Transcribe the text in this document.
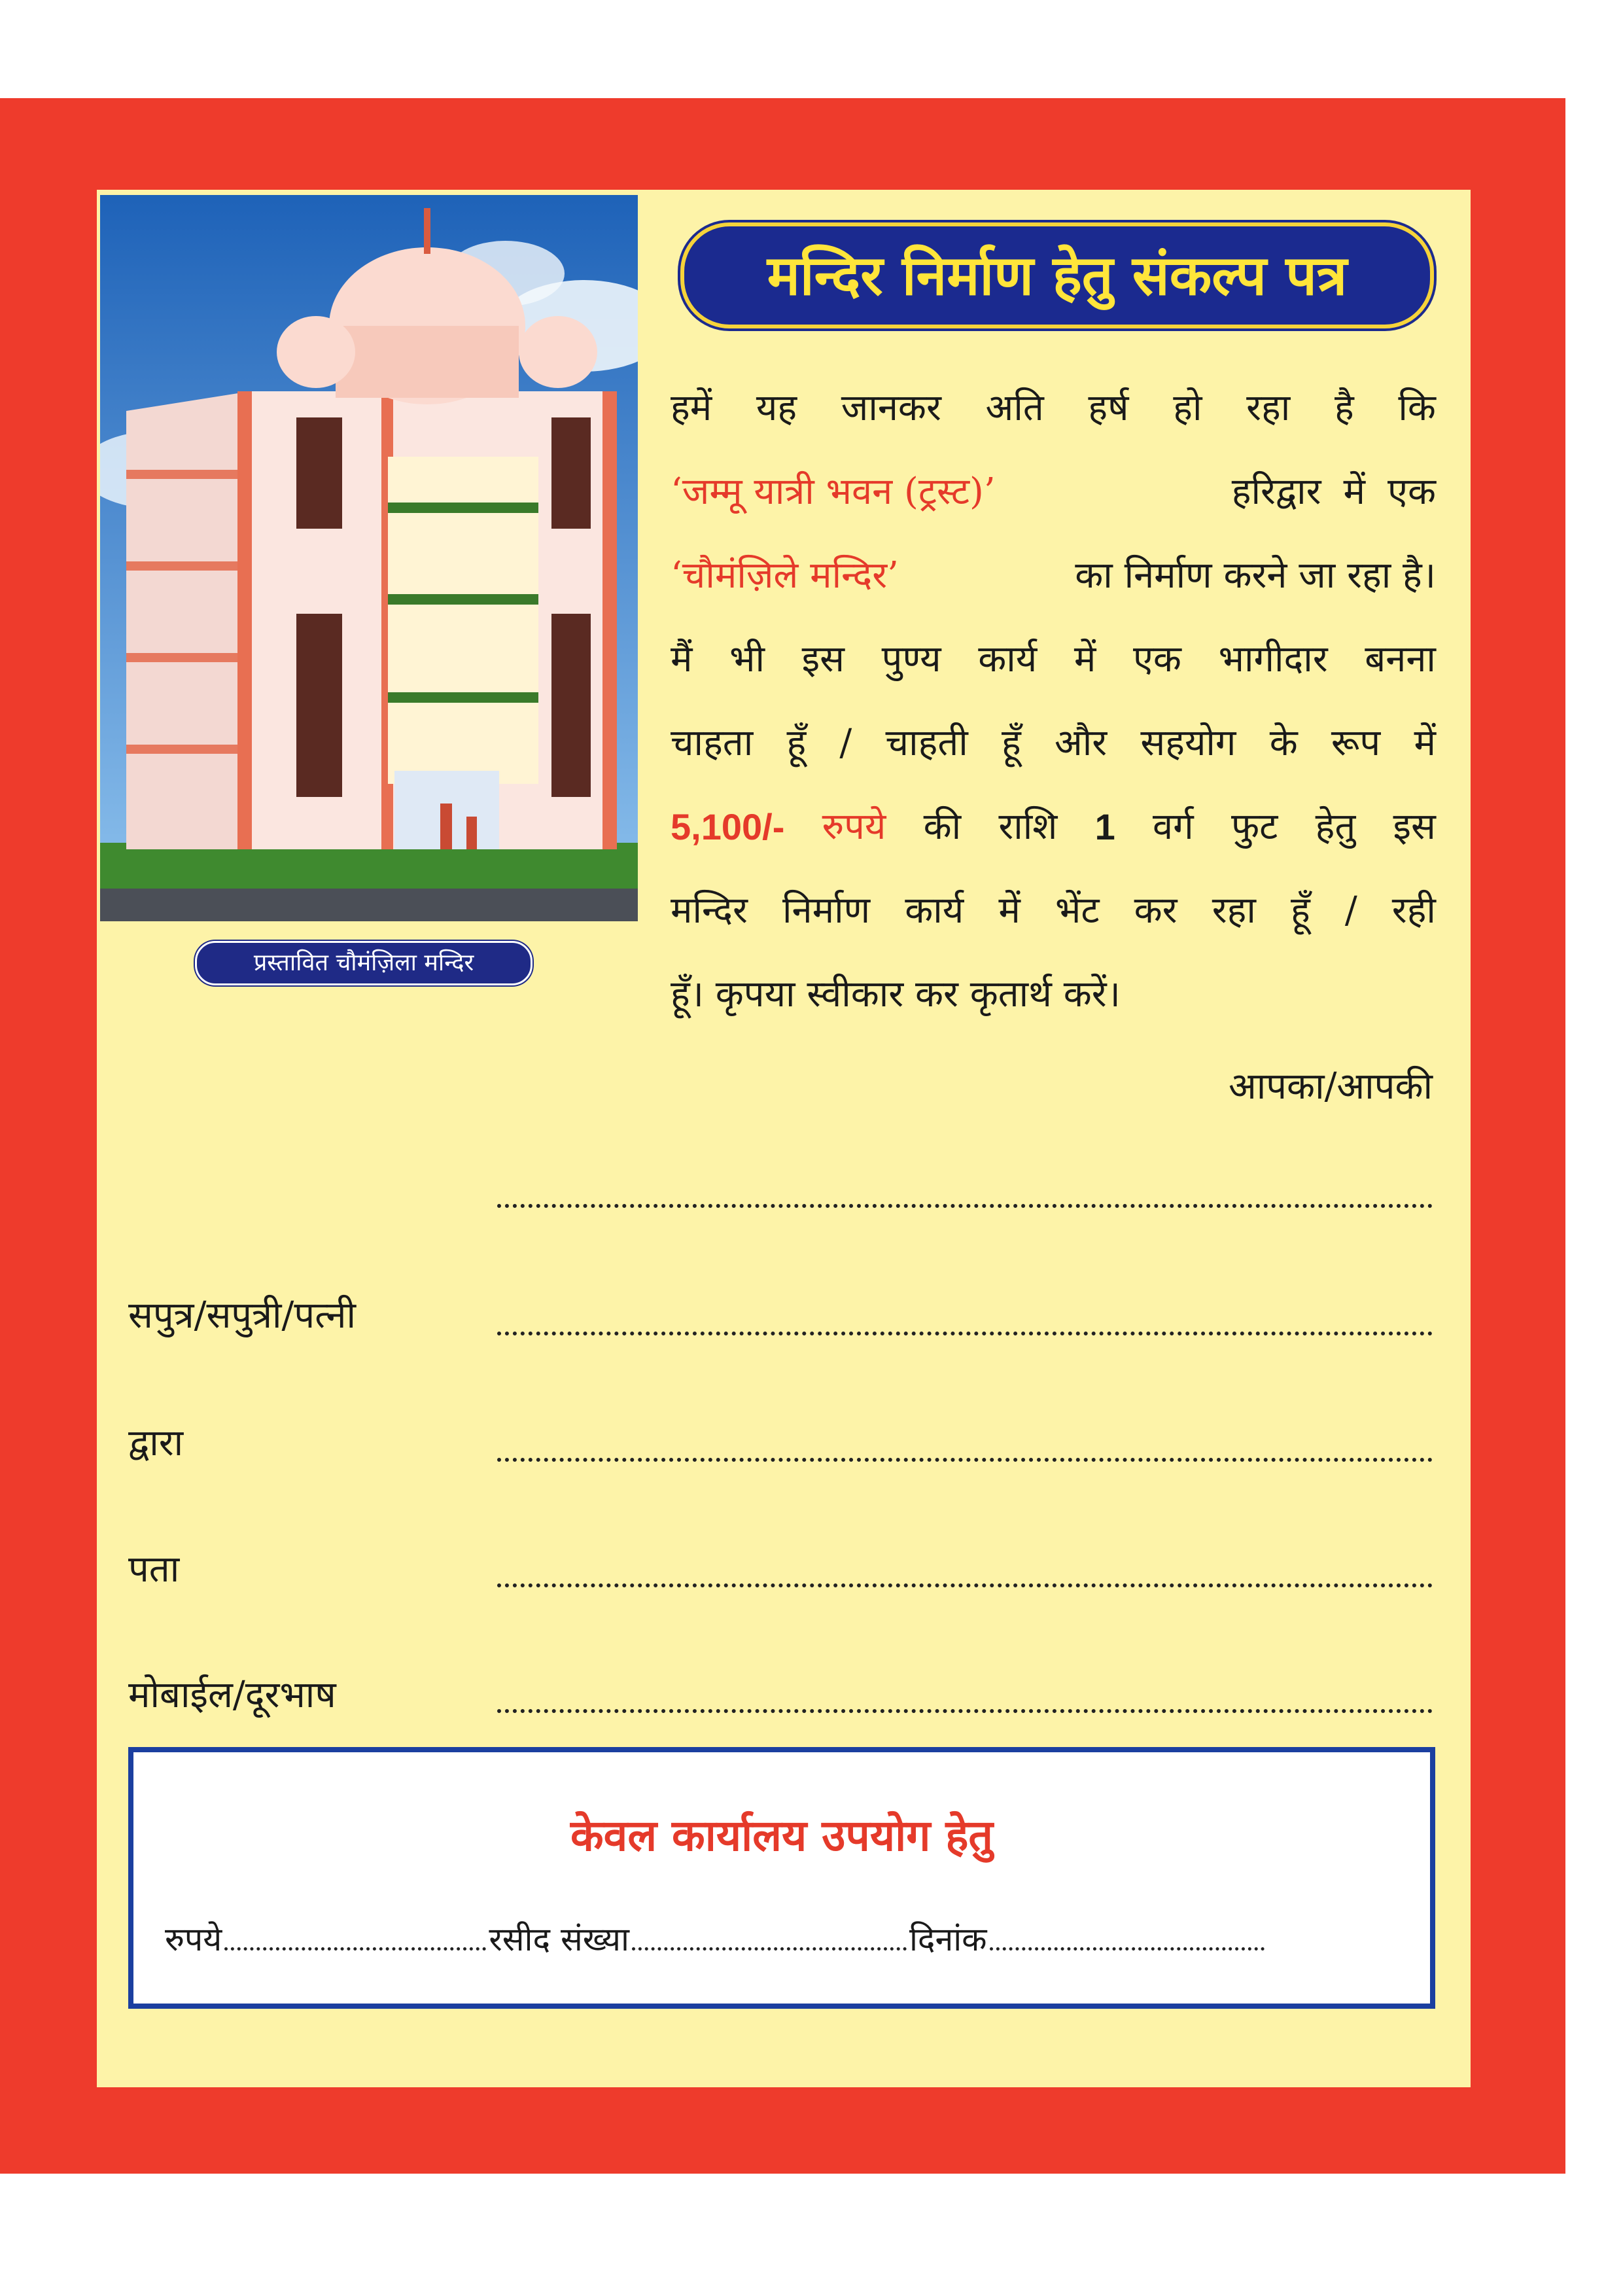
प्रस्तावित चौमंज़िला मन्दिर
मन्दिर निर्माण हेतु संकल्प पत्र
हमें यह जानकर अति हर्ष हो रहा है कि
‘जम्मू यात्री भवन (ट्रस्ट)’	हरिद्वार में एक
‘चौमंज़िले मन्दिर’	का निर्माण करने जा रहा है।
मैं भी इस पुण्य कार्य में एक भागीदार बनना
चाहता हूँ / चाहती हूँ और सहयोग के रूप में
5,100/- रुपये की राशि 1 वर्ग फुट हेतु इस
मन्दिर निर्माण कार्य में भेंट कर रहा हूँ / रही
हूँ। कृपया स्वीकार कर कृतार्थ करें।
आपका/आपकी
सपुत्र/सपुत्री/पत्नी
द्वारा
पता
मोबाईल/दूरभाष
केवल कार्यालय उपयोग हेतु
रुपये	रसीद संख्या	दिनांक
